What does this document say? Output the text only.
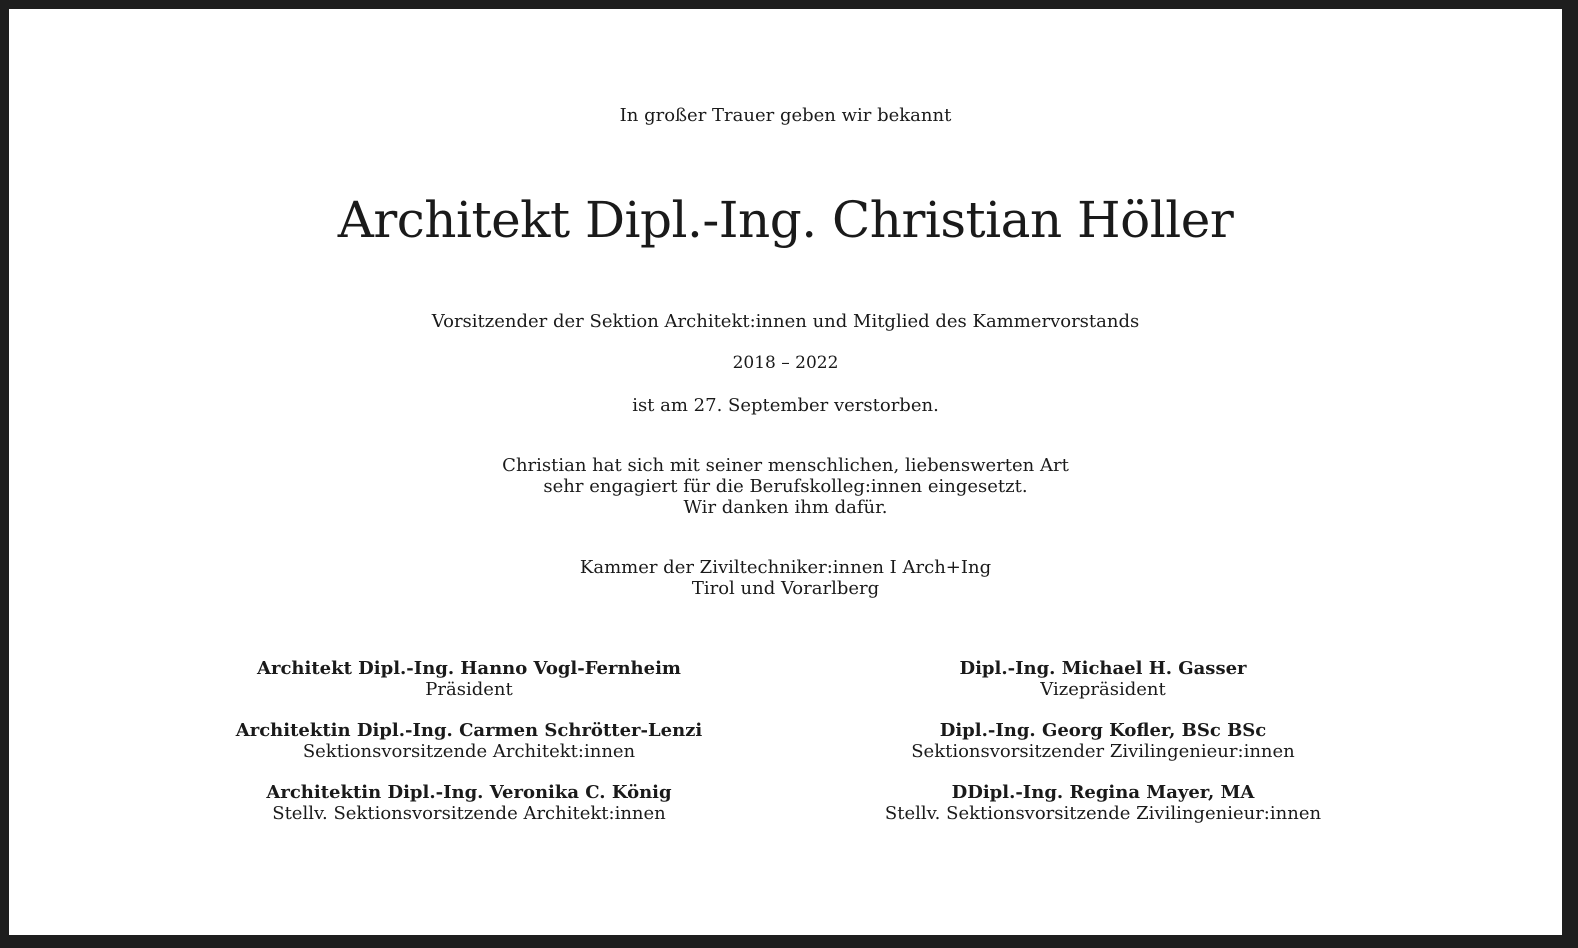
In großer Trauer geben wir bekannt
Architekt Dipl.-Ing. Christian Höller
Vorsitzender der Sektion Architekt:innen und Mitglied des Kammervorstands
2018 – 2022
ist am 27. September verstorben.
Christian hat sich mit seiner menschlichen, liebenswerten Art
sehr engagiert für die Berufskolleg:innen eingesetzt.
Wir danken ihm dafür.
Kammer der Ziviltechniker:innen I Arch+Ing
Tirol und Vorarlberg
Architekt Dipl.-Ing. Hanno Vogl-Fernheim
Präsident
Architektin Dipl.-Ing. Carmen Schrötter-Lenzi
Sektionsvorsitzende Architekt:innen
Architektin Dipl.-Ing. Veronika C. König
Stellv. Sektionsvorsitzende Architekt:innen
Dipl.-Ing. Michael H. Gasser
Vizepräsident
Dipl.-Ing. Georg Kofler, BSc BSc
Sektionsvorsitzender Zivilingenieur:innen
DDipl.-Ing. Regina Mayer, MA
Stellv. Sektionsvorsitzende Zivilingenieur:innen
